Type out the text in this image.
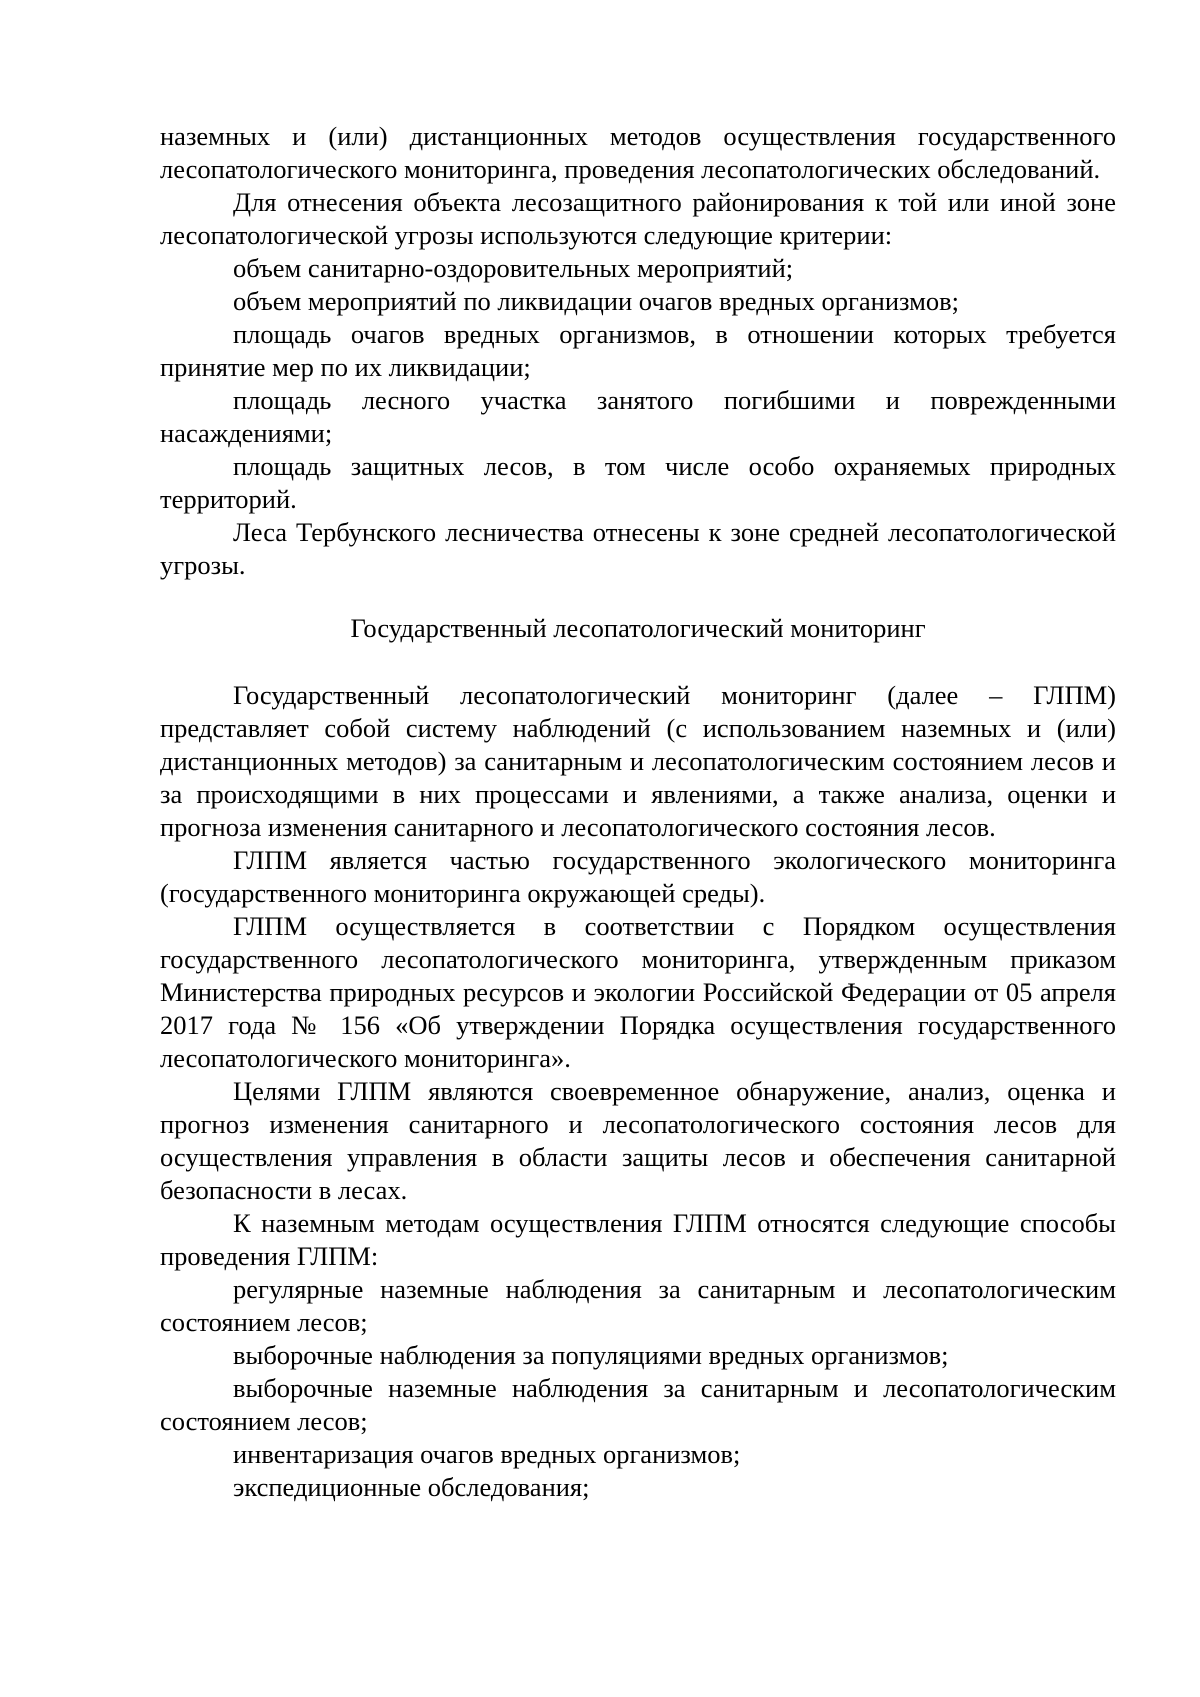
наземных и (или) дистанционных методов осуществления государственного лесопатологического мониторинга, проведения лесопатологических обследований.

Для отнесения объекта лесозащитного районирования к той или иной зоне лесопатологической угрозы используются следующие критерии:

объем санитарно-оздоровительных мероприятий;

объем мероприятий по ликвидации очагов вредных организмов;

площадь очагов вредных организмов, в отношении которых требуется принятие мер по их ликвидации;

площадь лесного участка занятого погибшими и поврежденными насаждениями;

площадь защитных лесов, в том числе особо охраняемых природных территорий.

Леса Тербунского лесничества отнесены к зоне средней лесопатологической угрозы.

Государственный лесопатологический мониторинг

Государственный лесопатологический мониторинг (далее – ГЛПМ) представляет собой систему наблюдений (с использованием наземных и (или) дистанционных методов) за санитарным и лесопатологическим состоянием лесов и за происходящими в них процессами и явлениями, а также анализа, оценки и прогноза изменения санитарного и лесопатологического состояния лесов.

ГЛПМ является частью государственного экологического мониторинга (государственного мониторинга окружающей среды).

ГЛПМ осуществляется в соответствии с Порядком осуществления государственного лесопатологического мониторинга, утвержденным приказом Министерства природных ресурсов и экологии Российской Федерации от 05 апреля 2017 года № 156 «Об утверждении Порядка осуществления государственного лесопатологического мониторинга».

Целями ГЛПМ являются своевременное обнаружение, анализ, оценка и прогноз изменения санитарного и лесопатологического состояния лесов для осуществления управления в области защиты лесов и обеспечения санитарной безопасности в лесах.

К наземным методам осуществления ГЛПМ относятся следующие способы проведения ГЛПМ:

регулярные наземные наблюдения за санитарным и лесопатологическим состоянием лесов;

выборочные наблюдения за популяциями вредных организмов;

выборочные наземные наблюдения за санитарным и лесопатологическим состоянием лесов;

инвентаризация очагов вредных организмов;

экспедиционные обследования;
